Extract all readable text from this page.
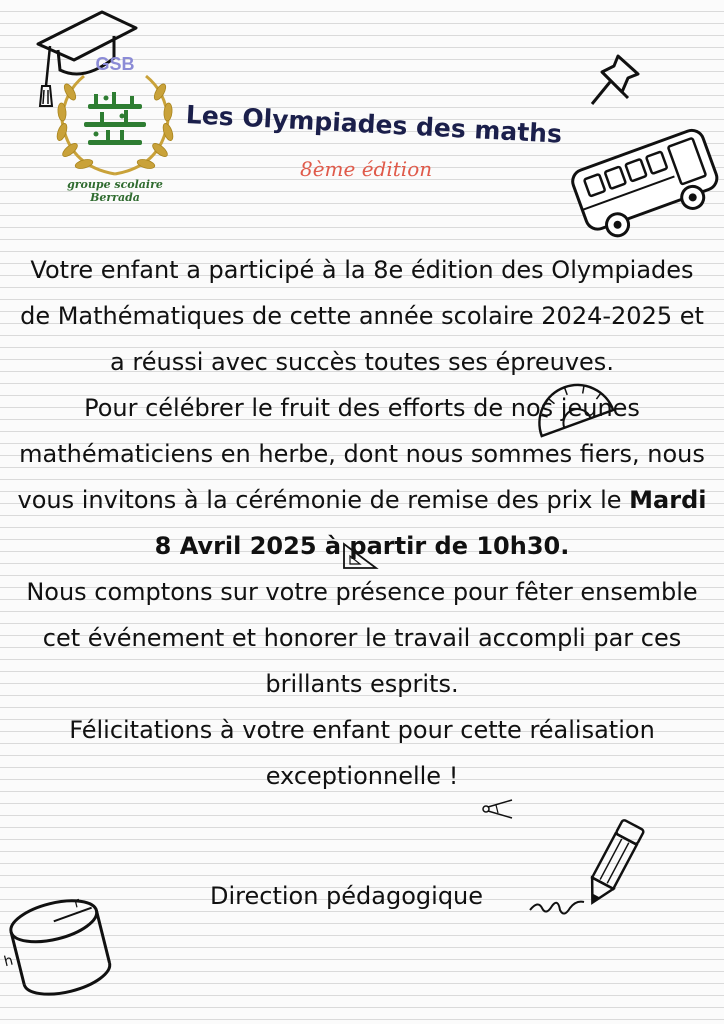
GSB
groupe scolaire Berrada
Les Olympiades des maths
8ème édition

Votre enfant a participé à la 8e édition des Olympiades de Mathématiques de cette année scolaire 2024-2025 et a réussi avec succès toutes ses épreuves.

Pour célébrer le fruit des efforts de nos jeunes mathématiciens en herbe, dont nous sommes fiers, nous vous invitons à la cérémonie de remise des prix le Mardi 8 Avril 2025 à partir de 10h30.

Nous comptons sur votre présence pour fêter ensemble cet événement et honorer le travail accompli par ces brillants esprits.

Félicitations à votre enfant pour cette réalisation exceptionnelle !

Direction pédagogique
r
h
